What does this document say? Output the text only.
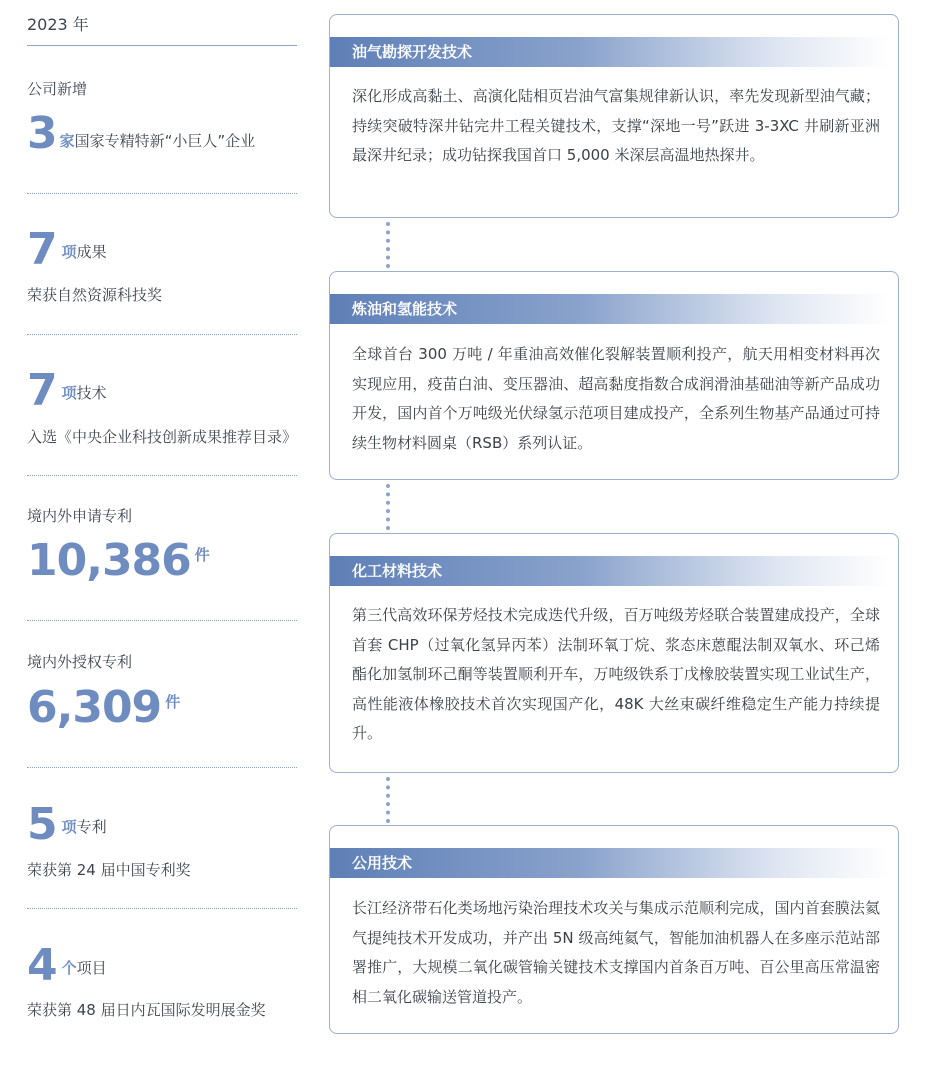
2023 年
公司新增
3 家 国家专精特新“小巨人”企业
7 项 成果
荣获自然资源科技奖
7 项 技术
入选《中央企业科技创新成果推荐目录》
境内外申请专利
10,386 件
境内外授权专利
6,309 件
5 项 专利
荣获第 24 届中国专利奖
4 个 项目
荣获第 48 届日内瓦国际发明展金奖
油气勘探开发技术
深化形成高黏土、高演化陆相页岩油气富集规律新认识，率先发现新型油气藏；持续突破特深井钻完井工程关键技术，支撑“深地一号”跃进 3-3XC 井刷新亚洲最深井纪录；成功钻探我国首口 5,000 米深层高温地热探井。
炼油和氢能技术
全球首台 300 万吨 / 年重油高效催化裂解装置顺利投产，航天用相变材料再次实现应用，疫苗白油、变压器油、超高黏度指数合成润滑油基础油等新产品成功开发，国内首个万吨级光伏绿氢示范项目建成投产，全系列生物基产品通过可持续生物材料圆桌（RSB）系列认证。
化工材料技术
第三代高效环保芳烃技术完成迭代升级，百万吨级芳烃联合装置建成投产，全球首套 CHP（过氧化氢异丙苯）法制环氧丁烷、浆态床蒽醌法制双氧水、环己烯酯化加氢制环己酮等装置顺利开车，万吨级铁系丁戊橡胶装置实现工业试生产，高性能液体橡胶技术首次实现国产化，48K 大丝束碳纤维稳定生产能力持续提升。
公用技术
长江经济带石化类场地污染治理技术攻关与集成示范顺利完成，国内首套膜法氦气提纯技术开发成功，并产出 5N 级高纯氦气，智能加油机器人在多座示范站部署推广，大规模二氧化碳管输关键技术支撑国内首条百万吨、百公里高压常温密相二氧化碳输送管道投产。
